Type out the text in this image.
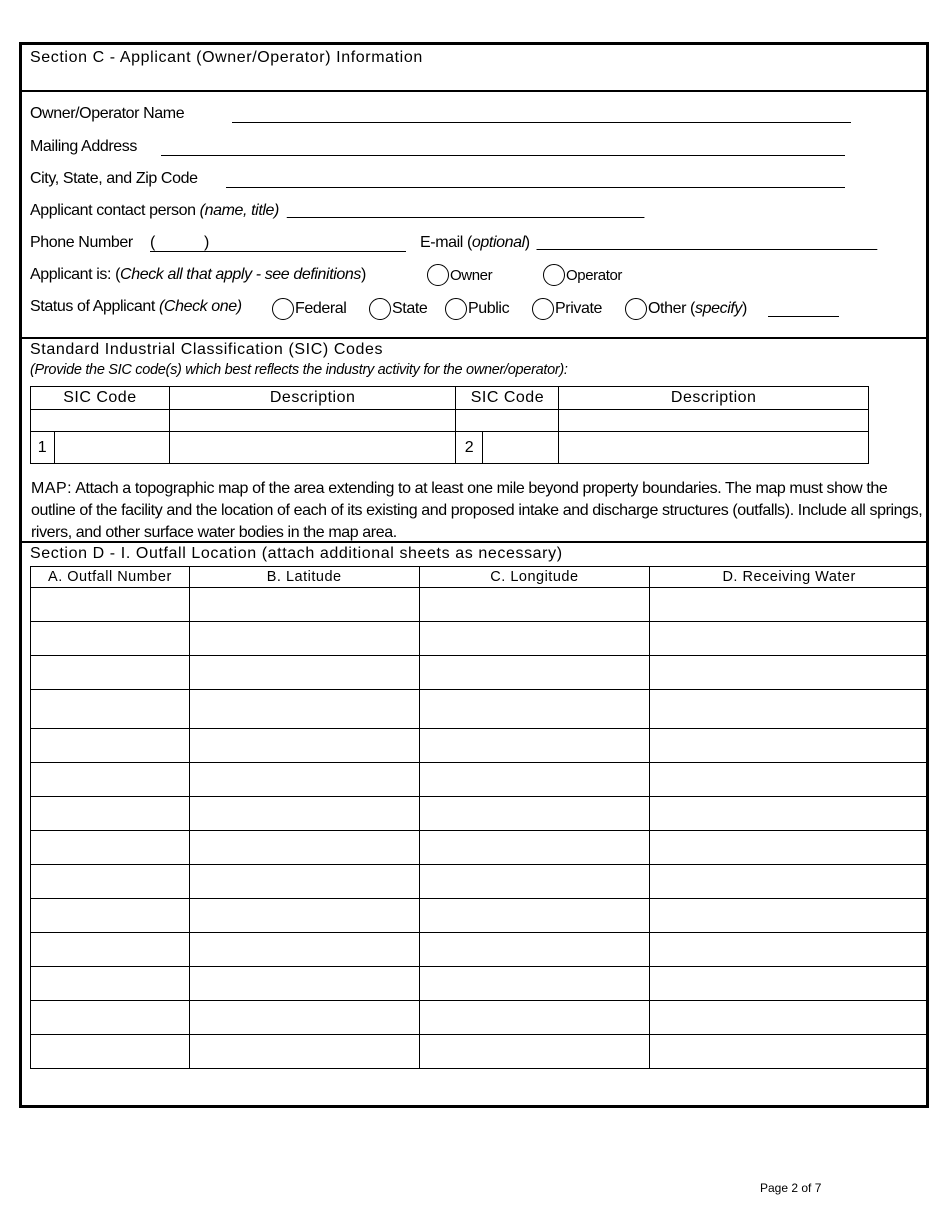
Section C - Applicant (Owner/Operator) Information
Owner/Operator Name
Mailing Address
City, State, and Zip Code
Applicant contact person (name, title) __________________________________________
Phone Number (	)	E-mail (optional) ________________________________________
Applicant is: (Check all that apply - see definitions)	Owner	Operator
Status of Applicant (Check one)	Federal	State	Public	Private	Other ( specify )
Standard Industrial Classification (SIC) Codes
(Provide the SIC code(s) which best reflects the industry activity for the owner/operator):
SIC Code		Description	SIC Code		Description

1			2		
MAP: Attach a topographic map of the area extending to at least one mile beyond property boundaries. The map must show the outline of the facility and the location of each of its existing and proposed intake and discharge structures (outfalls). Include all springs, rivers, and other surface water bodies in the map area.
Section D - I. Outfall Location (attach additional sheets as necessary)
A. Outfall Number	B. Latitude	C. Longitude	D. Receiving Water

Page 2 of 7
